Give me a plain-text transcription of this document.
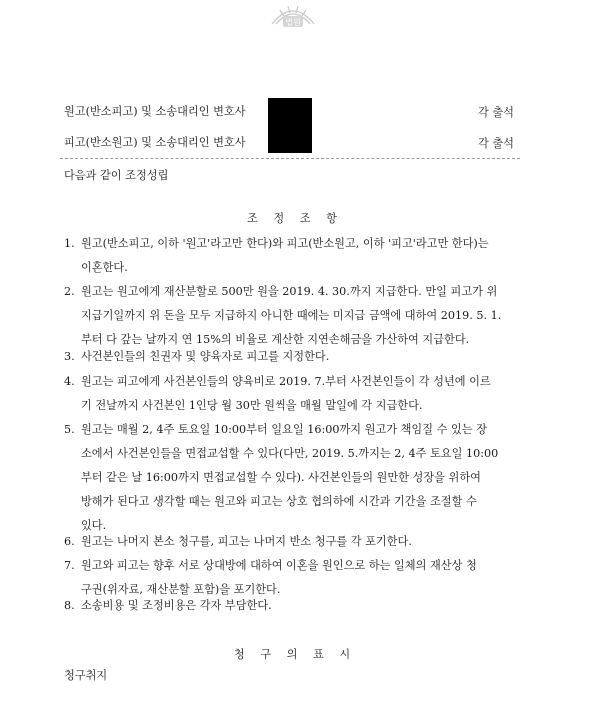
법원
원고(반소피고) 및 소송대리인 변호사	각 출석
피고(반소원고) 및 소송대리인 변호사	각 출석
다음과 같이 조정성립
조 정 조 항
1. 원고(반소피고, 이하 '원고'라고만 한다)와 피고(반소원고, 이하 '피고'라고만 한다)는
이혼한다.
2. 원고는 원고에게 재산분할로 500만 원을 2019. 4. 30.까지 지급한다. 만일 피고가 위
지급기일까지 위 돈을 모두 지급하지 아니한 때에는 미지급 금액에 대하여 2019. 5. 1.
부터 다 갚는 날까지 연 15%의 비율로 계산한 지연손해금을 가산하여 지급한다.
3. 사건본인들의 친권자 및 양육자로 피고를 지정한다.
4. 원고는 피고에게 사건본인들의 양육비로 2019. 7.부터 사건본인들이 각 성년에 이르
기 전날까지 사건본인 1인당 월 30만 원씩을 매월 말일에 각 지급한다.
5. 원고는 매월 2, 4주 토요일 10:00부터 일요일 16:00까지 원고가 책임질 수 있는 장
소에서 사건본인들을 면접교섭할 수 있다(다만, 2019. 5.까지는 2, 4주 토요일 10:00
부터 같은 날 16:00까지 면접교섭할 수 있다). 사건본인들의 원만한 성장을 위하여
방해가 된다고 생각할 때는 원고와 피고는 상호 협의하에 시간과 기간을 조절할 수
있다.
6. 원고는 나머지 본소 청구를, 피고는 나머지 반소 청구를 각 포기한다.
7. 원고와 피고는 향후 서로 상대방에 대하여 이혼을 원인으로 하는 일체의 재산상 청
구권(위자료, 재산분할 포함)을 포기한다.
8. 소송비용 및 조정비용은 각자 부담한다.
청 구 의 표 시
청구취지
